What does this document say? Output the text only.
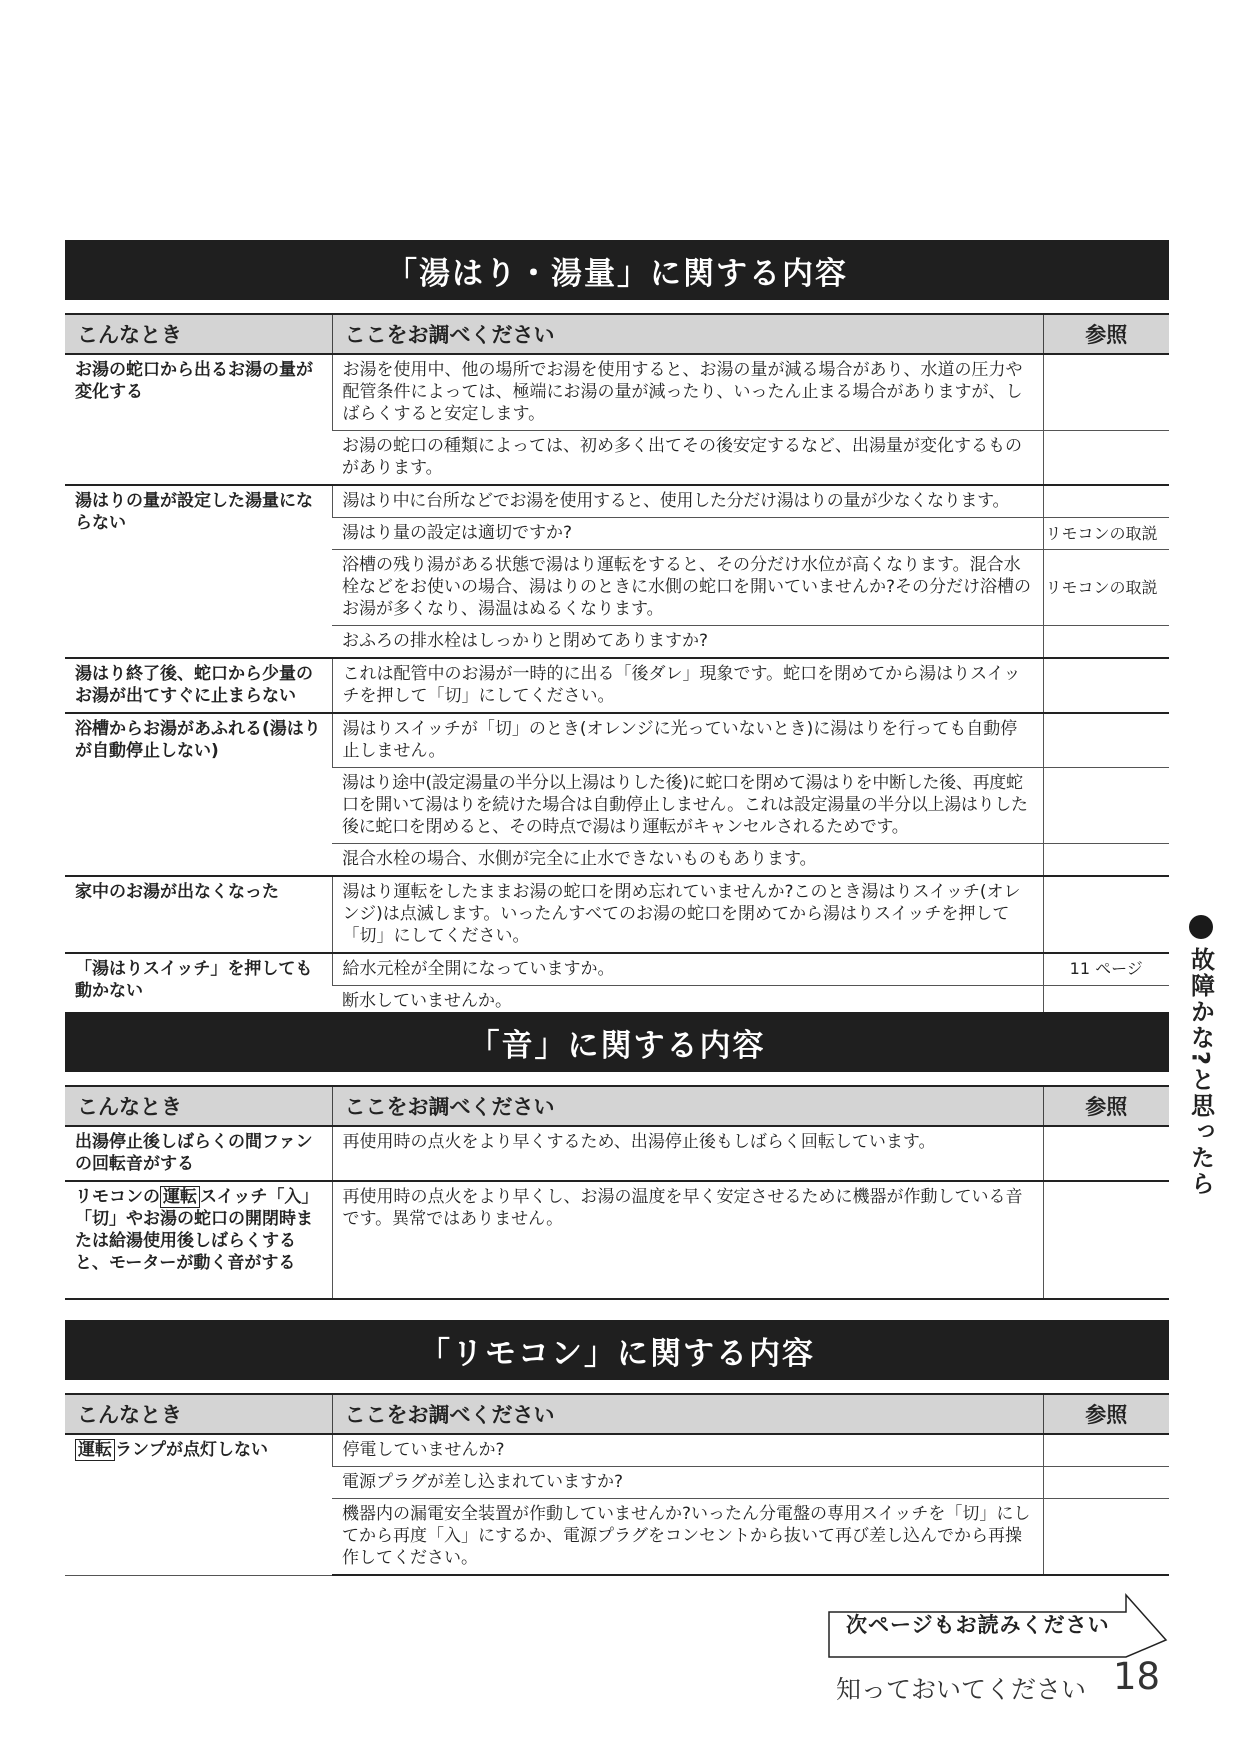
「湯はり・湯量」に関する内容
こんなとき	ここをお調べください	参照
お湯の蛇口から出るお湯の量が変化する	お湯を使用中、他の場所でお湯を使用すると、お湯の量が減る場合があり、水道の圧力や配管条件によっては、極端にお湯の量が減ったり、いったん止まる場合がありますが、しばらくすると安定します。	
	お湯の蛇口の種類によっては、初め多く出てその後安定するなど、出湯量が変化するものがあります。	
湯はりの量が設定した湯量にならない	湯はり中に台所などでお湯を使用すると、使用した分だけ湯はりの量が少なくなります。	
	湯はり量の設定は適切ですか?	リモコンの取説
	浴槽の残り湯がある状態で湯はり運転をすると、その分だけ水位が高くなります。混合水栓などをお使いの場合、湯はりのときに水側の蛇口を開いていませんか?その分だけ浴槽のお湯が多くなり、湯温はぬるくなります。	リモコンの取説
	おふろの排水栓はしっかりと閉めてありますか?	
湯はり終了後、蛇口から少量のお湯が出てすぐに止まらない	これは配管中のお湯が一時的に出る「後ダレ」現象です。蛇口を閉めてから湯はりスイッチを押して「切」にしてください。	
浴槽からお湯があふれる(湯はりが自動停止しない)	湯はりスイッチが「切」のとき(オレンジに光っていないとき)に湯はりを行っても自動停止しません。	
	湯はり途中(設定湯量の半分以上湯はりした後)に蛇口を閉めて湯はりを中断した後、再度蛇口を開いて湯はりを続けた場合は自動停止しません。これは設定湯量の半分以上湯はりした後に蛇口を閉めると、その時点で湯はり運転がキャンセルされるためです。	
	混合水栓の場合、水側が完全に止水できないものもあります。	
家中のお湯が出なくなった	湯はり運転をしたままお湯の蛇口を閉め忘れていませんか?このとき湯はりスイッチ(オレンジ)は点滅します。いったんすべてのお湯の蛇口を閉めてから湯はりスイッチを押して「切」にしてください。	
「湯はりスイッチ」を押しても動かない	給水元栓が全開になっていますか。	11 ページ
	断水していませんか。	
「音」に関する内容
こんなとき	ここをお調べください	参照
出湯停止後しばらくの間ファンの回転音がする	再使用時の点火をより早くするため、出湯停止後もしばらく回転しています。	
リモコンの 運転 スイッチ「入」「切」やお湯の蛇口の開閉時または給湯使用後しばらくすると、モーターが動く音がする	再使用時の点火をより早くし、お湯の温度を早く安定させるために機器が作動している音です。異常ではありません。	
「リモコン」に関する内容
こんなとき	ここをお調べください	参照
運転 ランプが点灯しない	停電していませんか?	
	電源プラグが差し込まれていますか?	
	機器内の漏電安全装置が作動していませんか?いったん分電盤の専用スイッチを「切」にしてから再度「入」にするか、電源プラグをコンセントから抜いて再び差し込んでから再操作してください。	
故障かな?と思ったら
次ページもお読みください
知っておいてください 18
